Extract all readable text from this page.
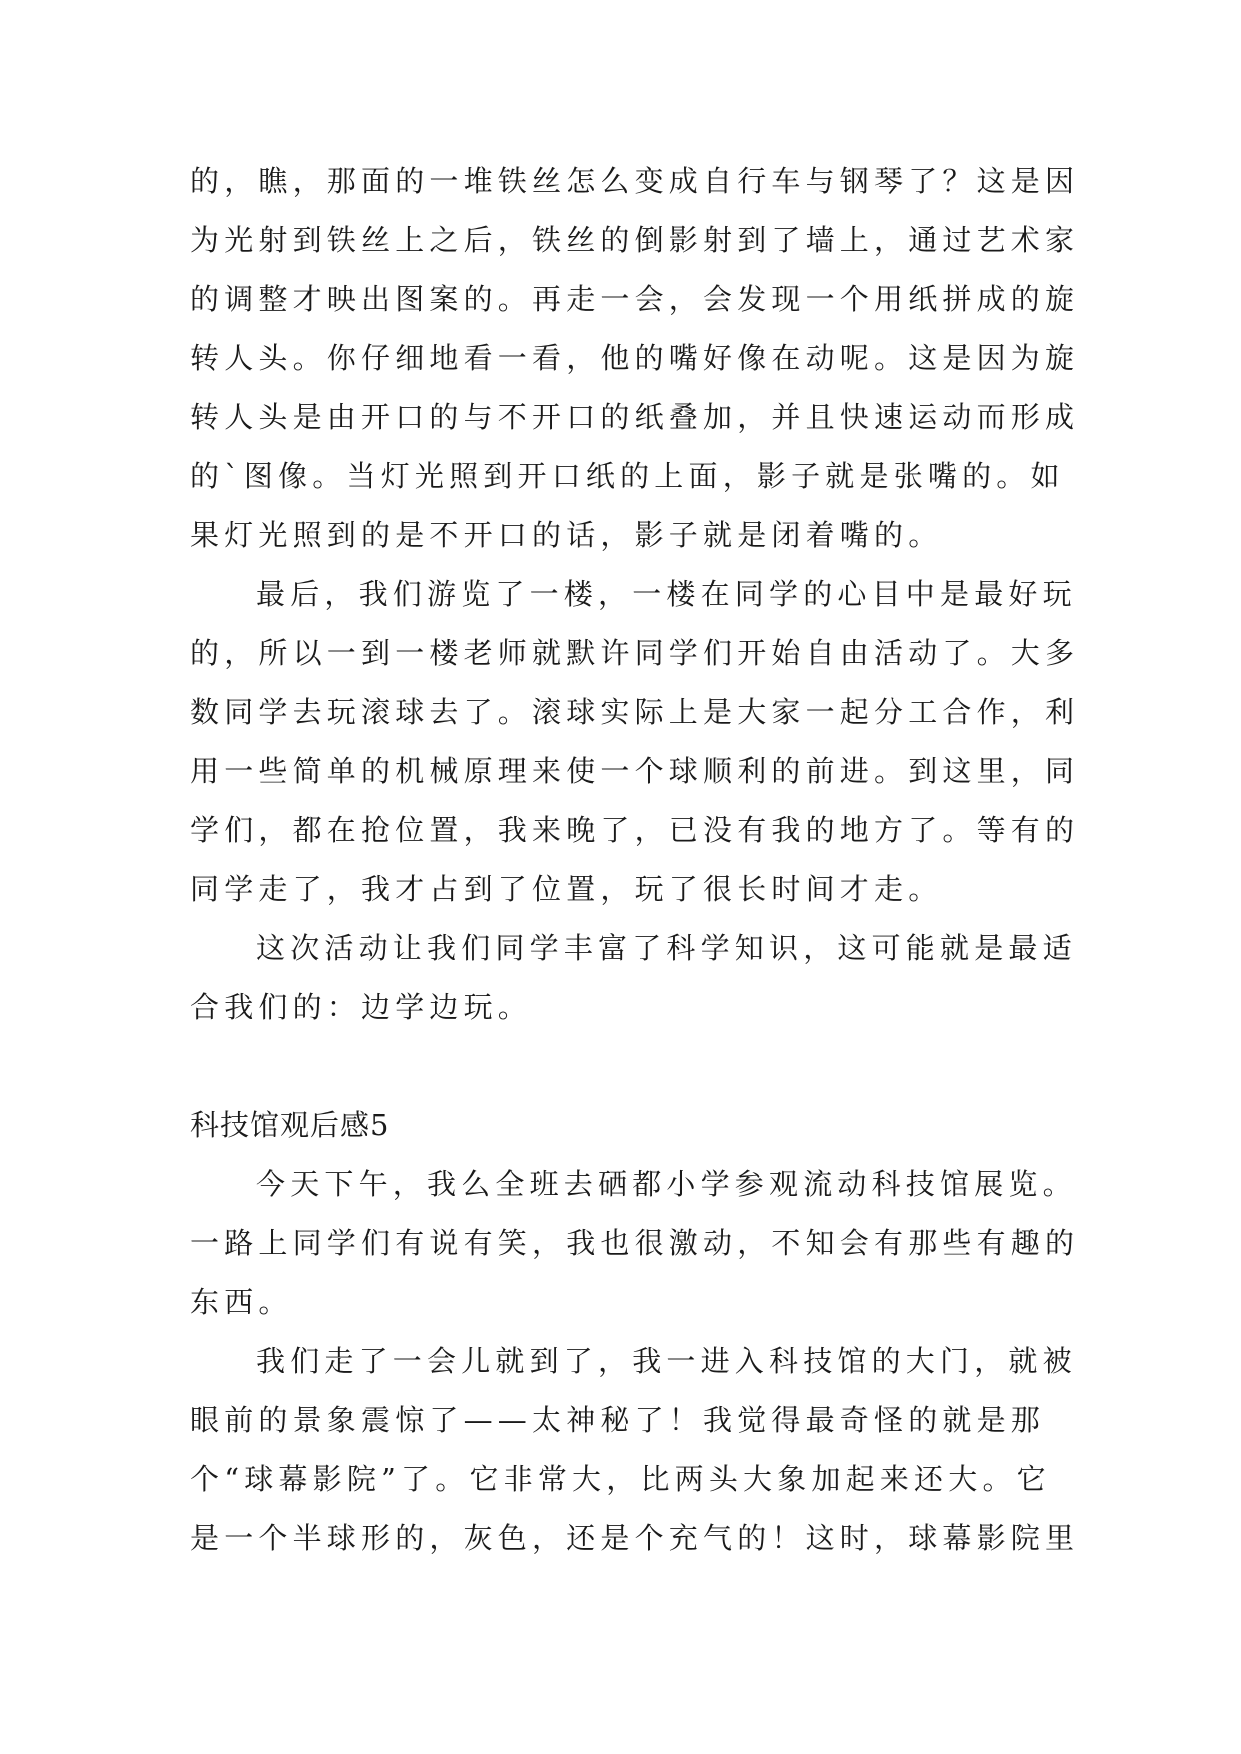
的，瞧，那面的一堆铁丝怎么变成自行车与钢琴了？这是因
为光射到铁丝上之后，铁丝的倒影射到了墙上，通过艺术家
的调整才映出图案的。再走一会，会发现一个用纸拼成的旋
转人头。你仔细地看一看，他的嘴好像在动呢。这是因为旋
转人头是由开口的与不开口的纸叠加，并且快速运动而形成
的`图像。当灯光照到开口纸的上面，影子就是张嘴的。如
果灯光照到的是不开口的话，影子就是闭着嘴的。
最后，我们游览了一楼，一楼在同学的心目中是最好玩
的，所以一到一楼老师就默许同学们开始自由活动了。大多
数同学去玩滚球去了。滚球实际上是大家一起分工合作，利
用一些简单的机械原理来使一个球顺利的前进。到这里，同
学们，都在抢位置，我来晚了，已没有我的地方了。等有的
同学走了，我才占到了位置，玩了很长时间才走。
这次活动让我们同学丰富了科学知识，这可能就是最适
合我们的：边学边玩。
科技馆观后感5
今天下午，我么全班去硒都小学参观流动科技馆展览。
一路上同学们有说有笑，我也很激动，不知会有那些有趣的
东西。
我们走了一会儿就到了，我一进入科技馆的大门，就被
眼前的景象震惊了——太神秘了！我觉得最奇怪的就是那
个“球幕影院”了。它非常大，比两头大象加起来还大。它
是一个半球形的，灰色，还是个充气的！这时，球幕影院里
